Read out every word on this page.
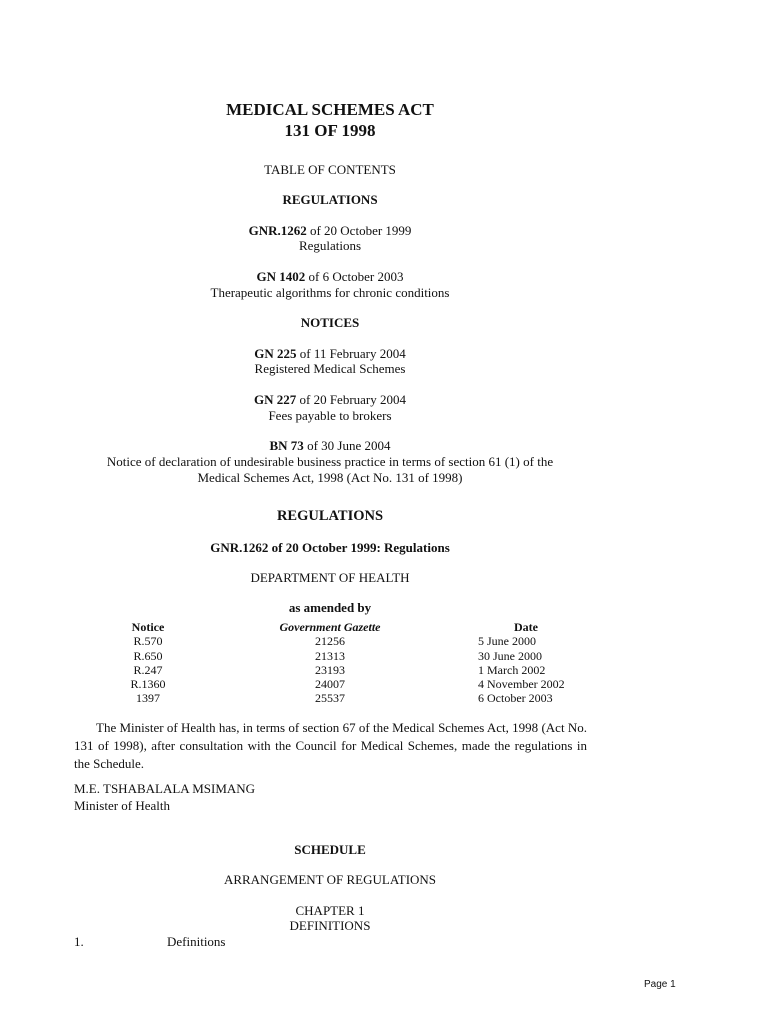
MEDICAL SCHEMES ACT
131 OF 1998
TABLE OF CONTENTS
REGULATIONS
GNR.1262 of 20 October 1999
Regulations
GN 1402 of 6 October 2003
Therapeutic algorithms for chronic conditions
NOTICES
GN 225 of 11 February 2004
Registered Medical Schemes
GN 227 of 20 February 2004
Fees payable to brokers
BN 73 of 30 June 2004
Notice of declaration of undesirable business practice in terms of section 61 (1) of the
Medical Schemes Act, 1998 (Act No. 131 of 1998)
REGULATIONS
GNR.1262 of 20 October 1999: Regulations
DEPARTMENT OF HEALTH
as amended by
Notice
R.570
R.650
R.247
R.1360
1397
Government Gazette
21256
21313
23193
24007
25537
Date
5 June 2000
30 June 2000
1 March 2002
4 November 2002
6 October 2003
The Minister of Health has, in terms of section 67 of the Medical Schemes Act, 1998 (Act No. 131 of 1998), after consultation with the Council for Medical Schemes, made the regulations in the Schedule.
M.E. TSHABALALA MSIMANG
Minister of Health
SCHEDULE
ARRANGEMENT OF REGULATIONS
CHAPTER 1
DEFINITIONS
1.	Definitions
Page 1
